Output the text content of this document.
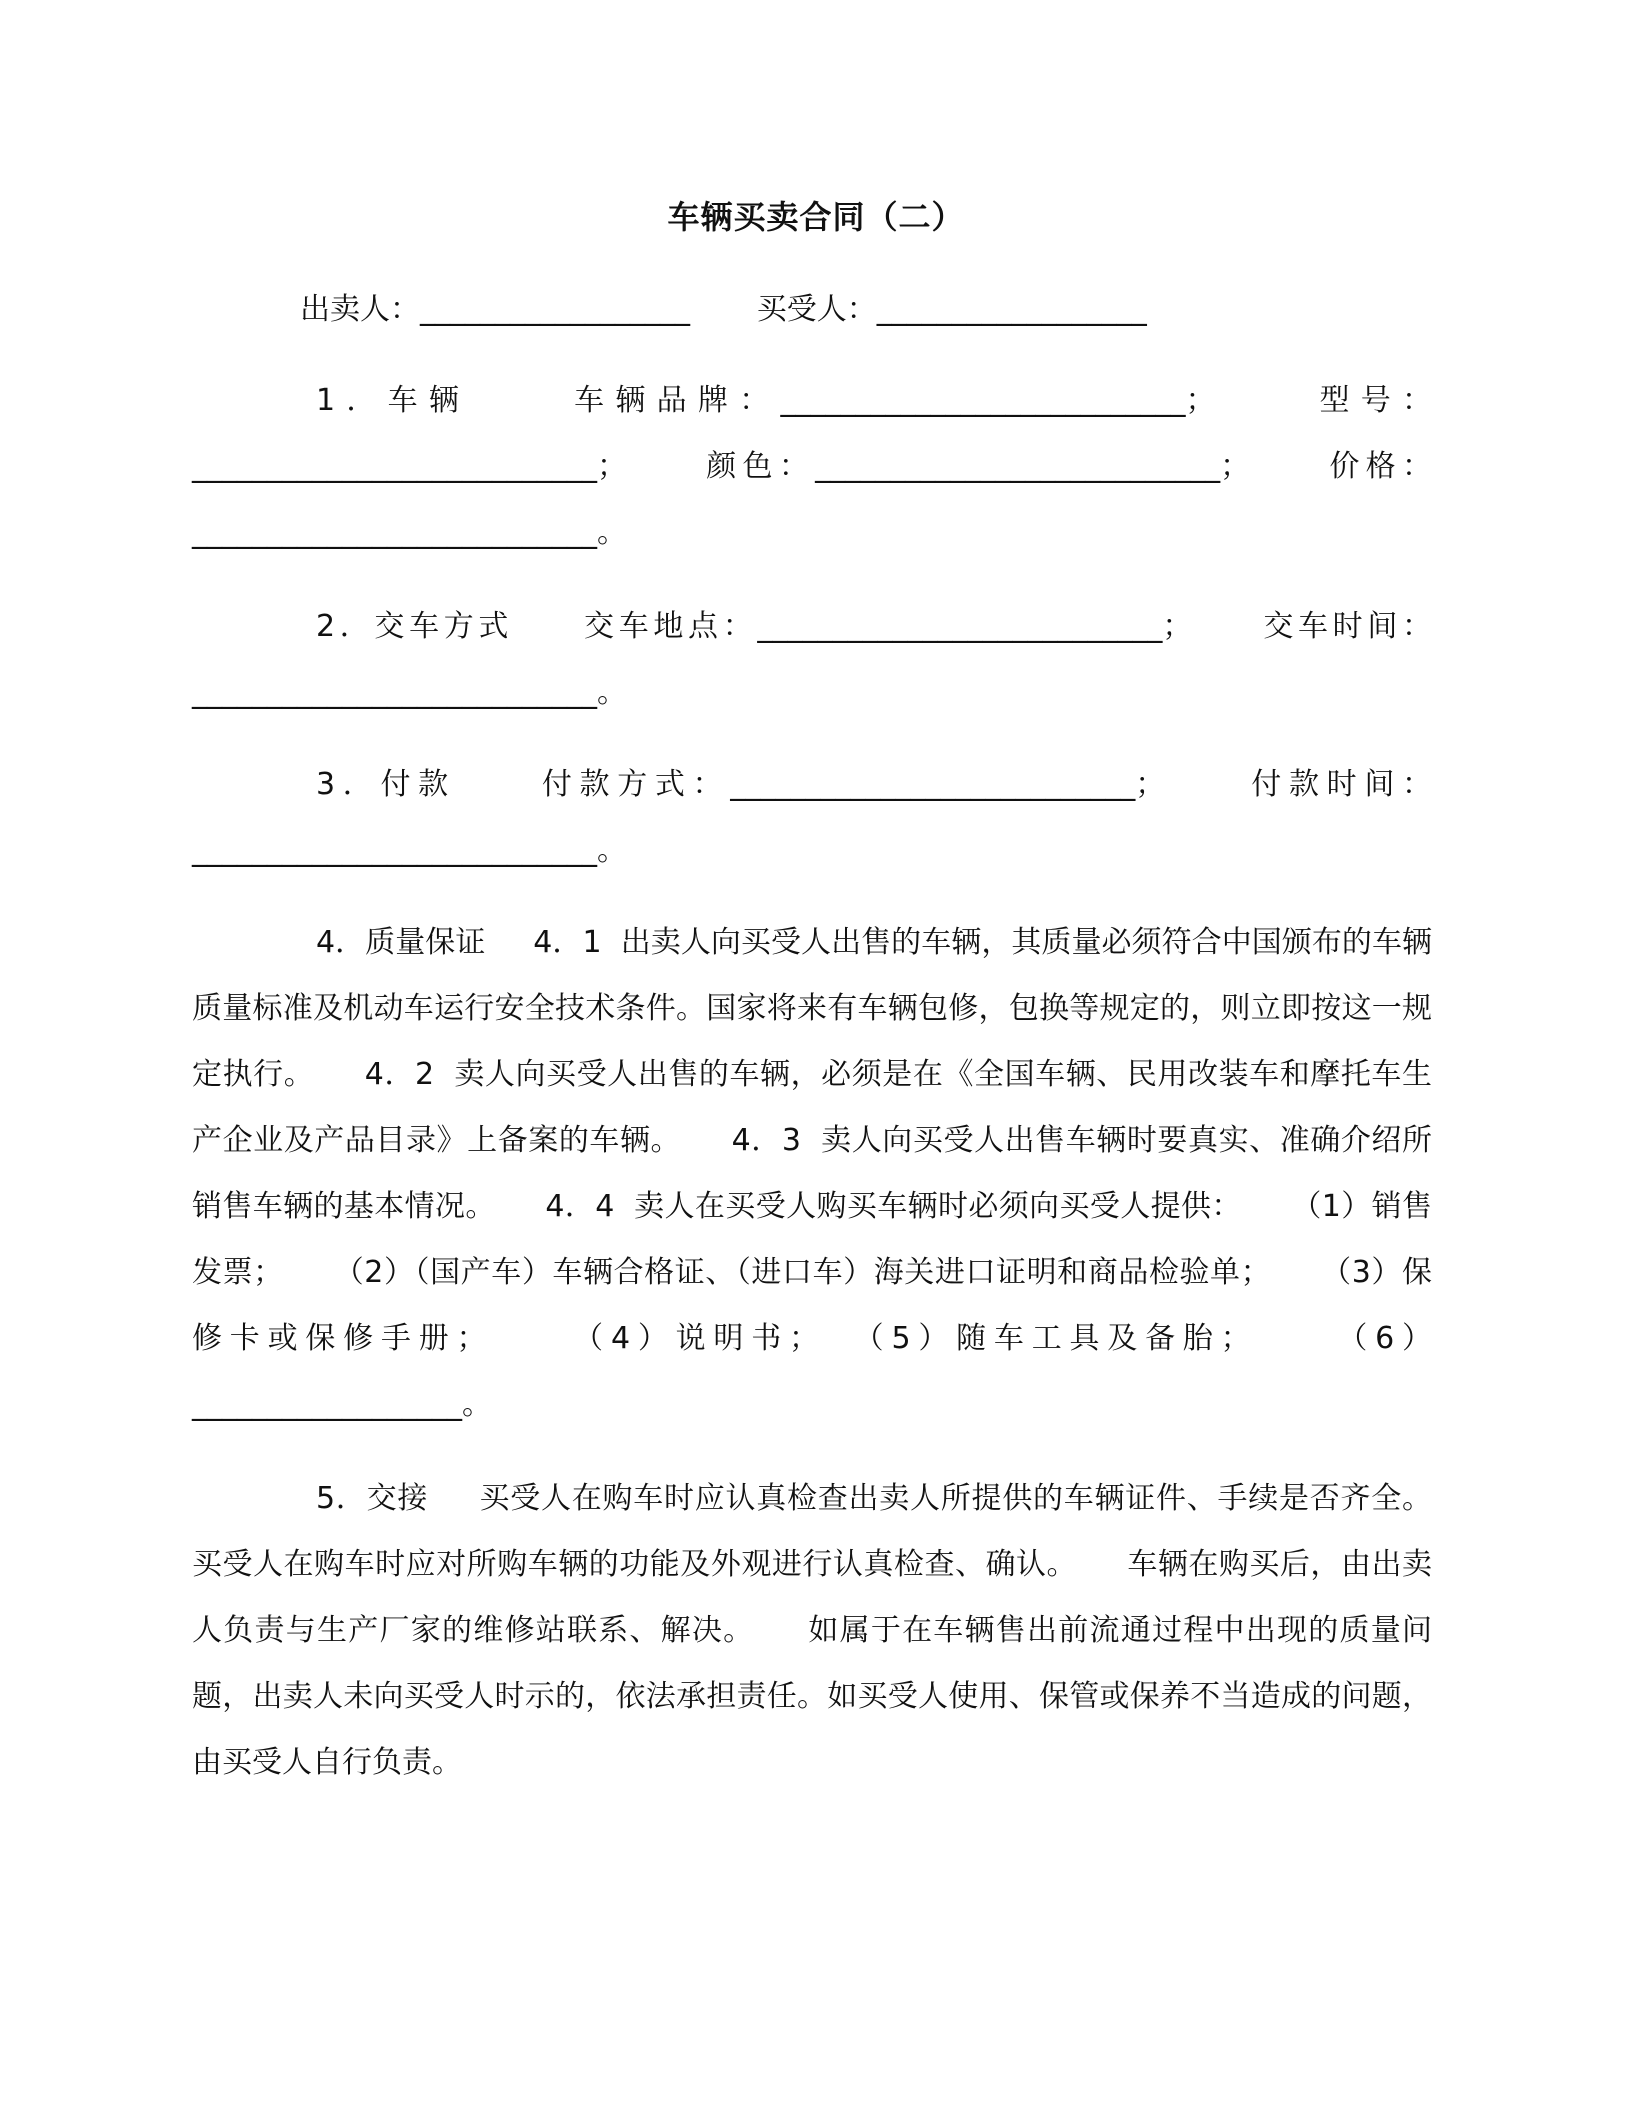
车辆买卖合同（二）
出卖人：__________________       买受人：__________________
1．车辆     车辆品牌：___________________________；     型号：___________________________；     颜色：___________________________；     价格：___________________________。
2．交车方式     交车地点：___________________________；     交车时间：___________________________。
3．付款     付款方式：___________________________；     付款时间：___________________________。
4．质量保证     4．1  出卖人向买受人出售的车辆，其质量必须符合中国颁布的车辆质量标准及机动车运行安全技术条件。国家将来有车辆包修，包换等规定的，则立即按这一规定执行。     4．2  卖人向买受人出售的车辆，必须是在《全国车辆、民用改装车和摩托车生产企业及产品目录》上备案的车辆。     4．3  卖人向买受人出售车辆时要真实、准确介绍所销售车辆的基本情况。     4．4  卖人在买受人购买车辆时必须向买受人提供：     （1）销售发票；     （2）（国产车）车辆合格证、（进口车）海关进口证明和商品检验单；     （3）保修卡或保修手册；     （4）说明书；  （5）随车工具及备胎；     （6）__________________。
5．交接     买受人在购车时应认真检查出卖人所提供的车辆证件、手续是否齐全。 买受人在购车时应对所购车辆的功能及外观进行认真检查、确认。     车辆在购买后，由出卖人负责与生产厂家的维修站联系、解决。     如属于在车辆售出前流通过程中出现的质量问题，出卖人未向买受人时示的，依法承担责任。如买受人使用、保管或保养不当造成的问题，由买受人自行负责。
